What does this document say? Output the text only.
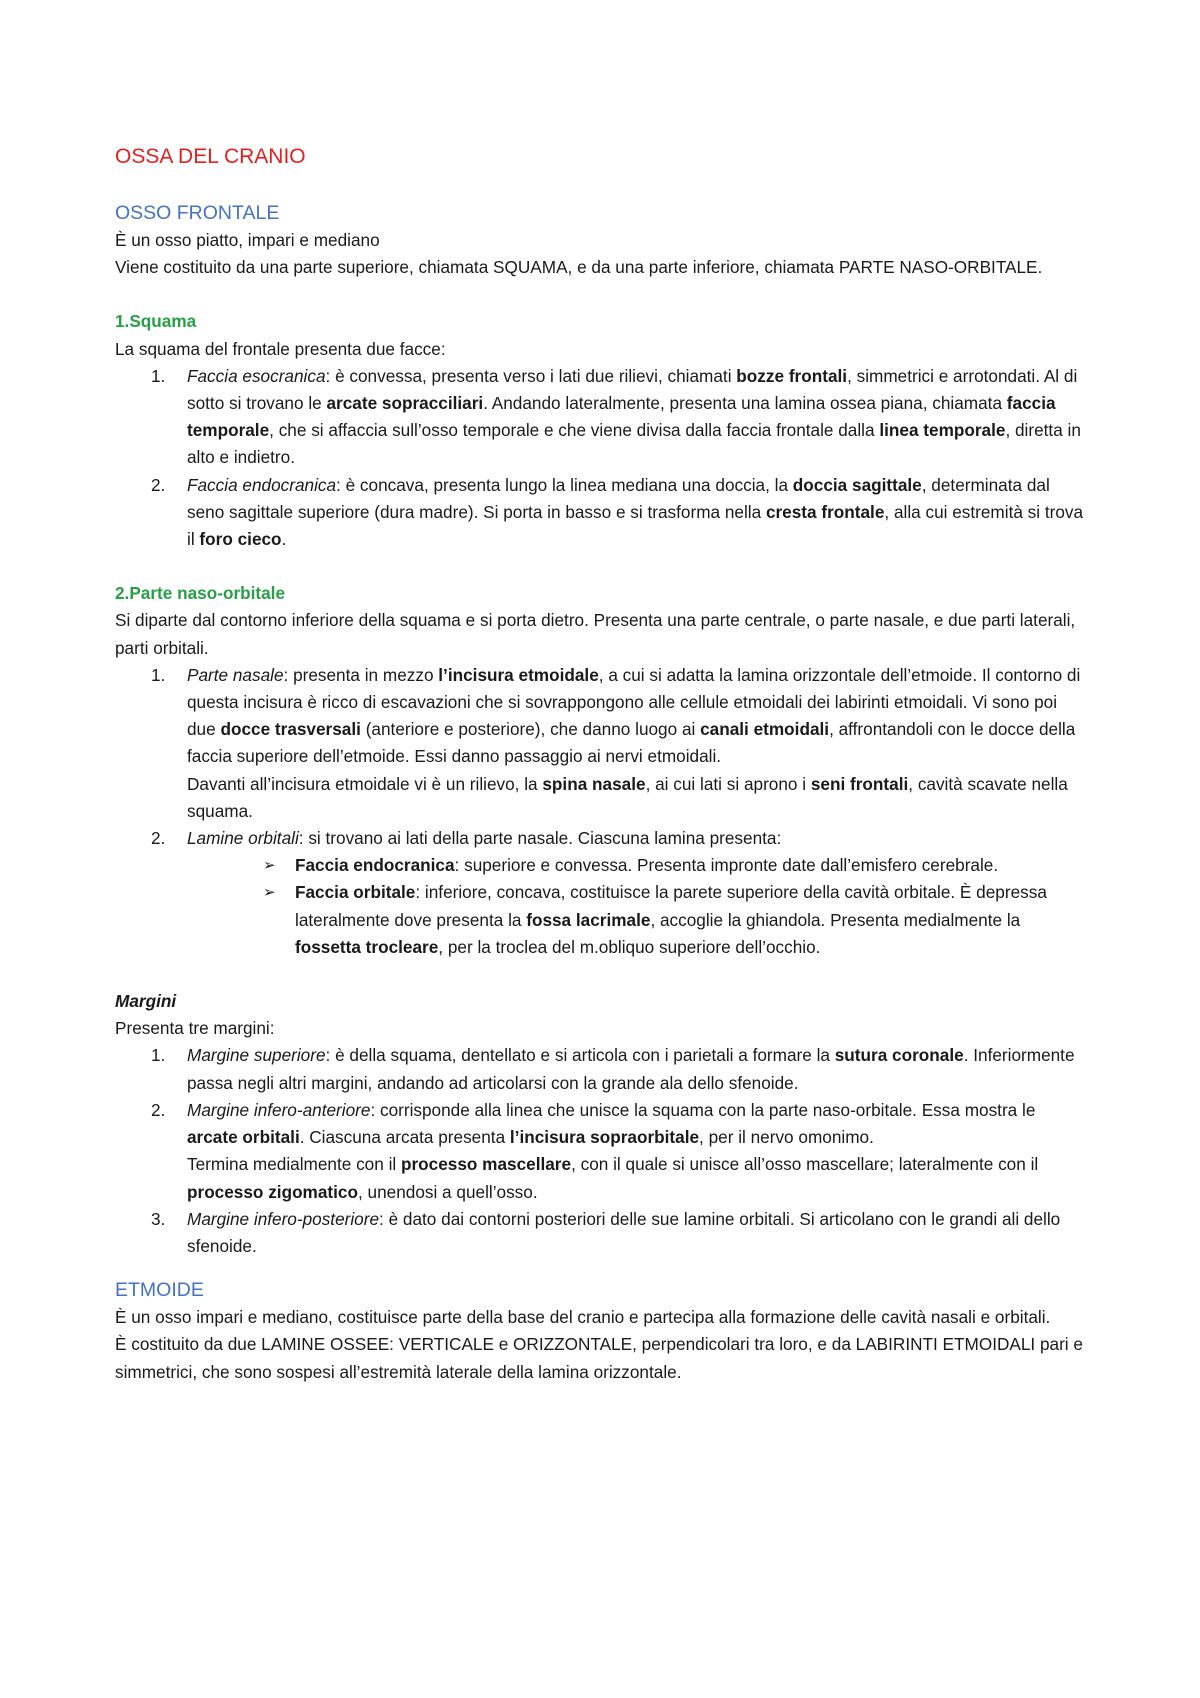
OSSA DEL CRANIO
OSSO FRONTALE

È un osso piatto, impari e mediano

Viene costituito da una parte superiore, chiamata SQUAMA, e da una parte inferiore, chiamata PARTE NASO-ORBITALE.

1.Squama

La squama del frontale presenta due facce:

1. Faccia esocranica: è convessa, presenta verso i lati due rilievi, chiamati bozze frontali, simmetrici e arrotondati. Al di sotto si trovano le arcate sopracciliari. Andando lateralmente, presenta una lamina ossea piana, chiamata faccia temporale, che si affaccia sull’osso temporale e che viene divisa dalla faccia frontale dalla linea temporale, diretta in alto e indietro.
2. Faccia endocranica: è concava, presenta lungo la linea mediana una doccia, la doccia sagittale, determinata dal seno sagittale superiore (dura madre). Si porta in basso e si trasforma nella cresta frontale, alla cui estremità si trova il foro cieco.
2.Parte naso-orbitale

Si diparte dal contorno inferiore della squama e si porta dietro. Presenta una parte centrale, o parte nasale, e due parti laterali, parti orbitali.

1. Parte nasale: presenta in mezzo l’incisura etmoidale, a cui si adatta la lamina orizzontale dell’etmoide. Il contorno di questa incisura è ricco di escavazioni che si sovrappongono alle cellule etmoidali dei labirinti etmoidali. Vi sono poi due docce trasversali (anteriore e posteriore), che danno luogo ai canali etmoidali, affrontandoli con le docce della faccia superiore dell’etmoide. Essi danno passaggio ai nervi etmoidali.
Davanti all’incisura etmoidale vi è un rilievo, la spina nasale, ai cui lati si aprono i seni frontali, cavità scavate nella squama.
2. Lamine orbitali: si trovano ai lati della parte nasale. Ciascuna lamina presenta:
➢ Faccia endocranica: superiore e convessa. Presenta impronte date dall’emisfero cerebrale.
➢ Faccia orbitale: inferiore, concava, costituisce la parete superiore della cavità orbitale. È depressa lateralmente dove presenta la fossa lacrimale, accoglie la ghiandola. Presenta medialmente la fossetta trocleare, per la troclea del m.obliquo superiore dell’occhio.
Margini

Presenta tre margini:

1. Margine superiore: è della squama, dentellato e si articola con i parietali a formare la sutura coronale. Inferiormente passa negli altri margini, andando ad articolarsi con la grande ala dello sfenoide.
2. Margine infero-anteriore: corrisponde alla linea che unisce la squama con la parte naso-orbitale. Essa mostra le arcate orbitali. Ciascuna arcata presenta l’incisura sopraorbitale, per il nervo omonimo.
Termina medialmente con il processo mascellare, con il quale si unisce all’osso mascellare; lateralmente con il processo zigomatico, unendosi a quell’osso.
3. Margine infero-posteriore: è dato dai contorni posteriori delle sue lamine orbitali. Si articolano con le grandi ali dello sfenoide.
ETMOIDE

È un osso impari e mediano, costituisce parte della base del cranio e partecipa alla formazione delle cavità nasali e orbitali.

È costituito da due LAMINE OSSEE: VERTICALE e ORIZZONTALE, perpendicolari tra loro, e da LABIRINTI ETMOIDALI pari e simmetrici, che sono sospesi all’estremità laterale della lamina orizzontale.
